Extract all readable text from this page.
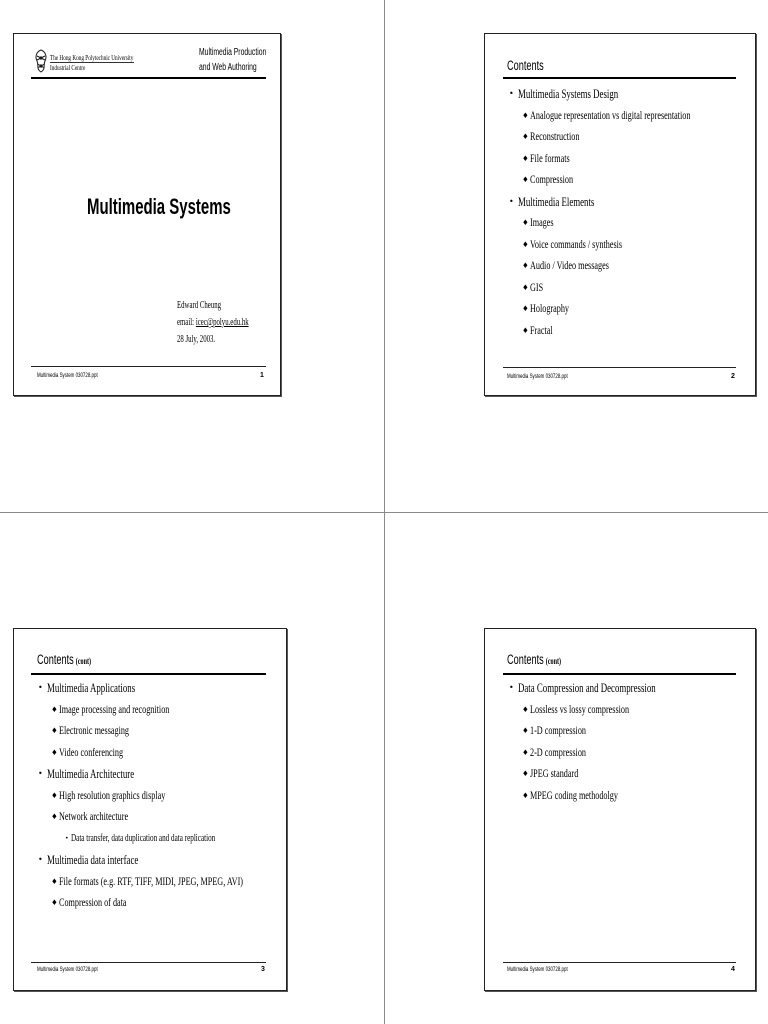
The Hong Kong Polytechnic University
Industrial Centre
Multimedia Production
and Web Authoring
Multimedia Systems
Edward Cheung
email: icec@polyu.edu.hk
28 July, 2003.
Multimedia System 030728.ppt	1
Contents
• Multimedia Systems Design
♦ Analogue representation vs digital representation
♦ Reconstruction
♦ File formats
♦ Compression
• Multimedia Elements
♦ Images
♦ Voice commands / synthesis
♦ Audio / Video messages
♦ GIS
♦ Holography
♦ Fractal
Multimedia System 030728.ppt	2
Contents (cont)
• Multimedia Applications
♦ Image processing and recognition
♦ Electronic messaging
♦ Video conferencing
• Multimedia Architecture
♦ High resolution graphics display
♦ Network architecture
• Data transfer, data duplication and data replication
• Multimedia data interface
♦ File formats (e.g. RTF, TIFF, MIDI, JPEG, MPEG, AVI)
♦ Compression of data
Multimedia System 030728.ppt	3
Contents (cont)
• Data Compression and Decompression
♦ Lossless vs lossy compression
♦ 1-D compression
♦ 2-D compression
♦ JPEG standard
♦ MPEG coding methodolgy
Multimedia System 030728.ppt	4
